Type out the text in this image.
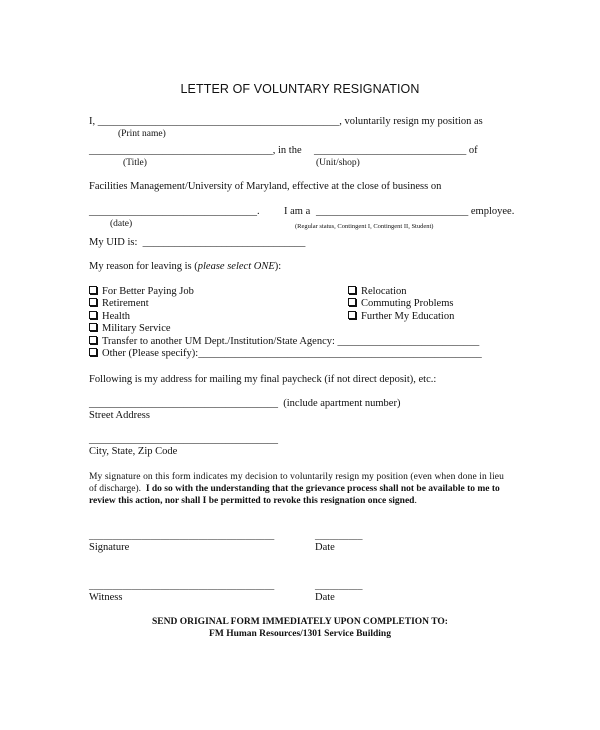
LETTER OF VOLUNTARY RESIGNATION
I, ______________________________________________, voluntarily resign my position as
(Print name)
___________________________________, in the _____________________________ of
(Title)	(Unit/shop)
Facilities Management/University of Maryland, effective at the close of business on
________________________________. I am a _____________________________ employee.
(date)	(Regular status, Contingent I, Contingent II, Student)
My UID is:  _______________________________
My reason for leaving is (please select ONE):
For Better Paying Job
Retirement
Health
Military Service
Transfer to another UM Dept./Institution/State Agency: ___________________________
Other (Please specify):______________________________________________________
Relocation
Commuting Problems
Further My Education
Following is my address for mailing my final paycheck (if not direct deposit), etc.:
____________________________________  (include apartment number)
Street Address
____________________________________
City, State, Zip Code
My signature on this form indicates my decision to voluntarily resign my position (even when done in lieu
of discharge).  I do so with the understanding that the grievance process shall not be available to me to
review this action, nor shall I be permitted to revoke this resignation once signed.
_______________________________________	__________
Signature	Date
_______________________________________	__________
Witness	Date
SEND ORIGINAL FORM IMMEDIATELY UPON COMPLETION TO:
FM Human Resources/1301 Service Building
